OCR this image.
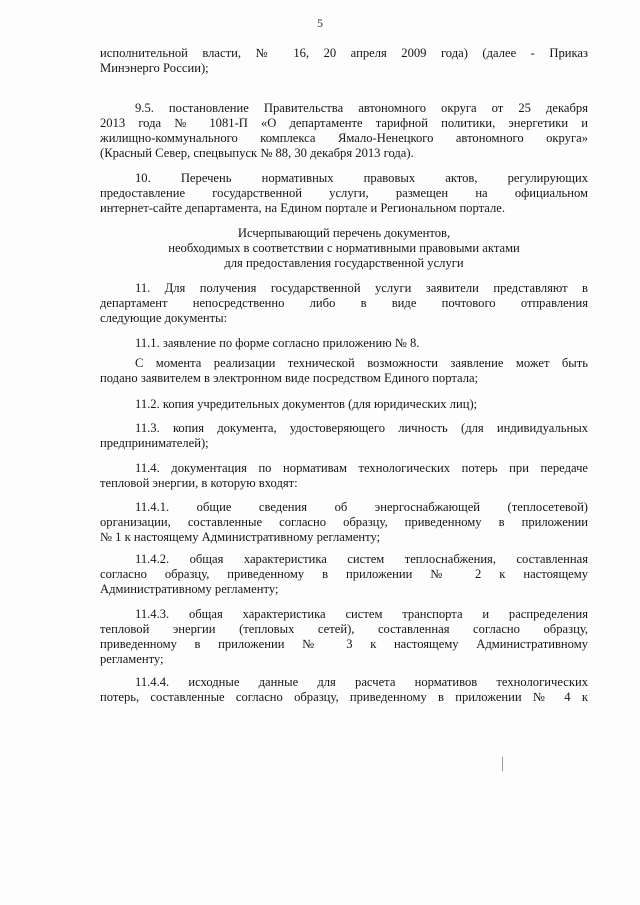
5
исполнительной власти, № 16, 20 апреля 2009 года) (далее - Приказ
Минэнерго России);
9.5. постановление Правительства автономного округа от 25 декабря
2013 года № 1081-П «О департаменте тарифной политики, энергетики и
жилищно-коммунального комплекса Ямало-Ненецкого автономного округа»
(Красный Север, спецвыпуск № 88, 30 декабря 2013 года).
10. Перечень нормативных правовых актов, регулирующих
предоставление государственной услуги, размещен на официальном
интернет-сайте департамента, на Едином портале и Региональном портале.
Исчерпывающий перечень документов,
необходимых в соответствии с нормативными правовыми актами
для предоставления государственной услуги
11. Для получения государственной услуги заявители представляют в
департамент непосредственно либо в виде почтового отправления
следующие документы:
11.1. заявление по форме согласно приложению № 8.
С момента реализации технической возможности заявление может быть
подано заявителем в электронном виде посредством Единого портала;
11.2. копия учредительных документов (для юридических лиц);
11.3. копия документа, удостоверяющего личность (для индивидуальных
предпринимателей);
11.4. документация по нормативам технологических потерь при передаче
тепловой энергии, в которую входят:
11.4.1. общие сведения об энергоснабжающей (теплосетевой)
организации, составленные согласно образцу, приведенному в приложении
№ 1 к настоящему Административному регламенту;
11.4.2. общая характеристика систем теплоснабжения, составленная
согласно образцу, приведенному в приложении № 2 к настоящему
Административному регламенту;
11.4.3. общая характеристика систем транспорта и распределения
тепловой энергии (тепловых сетей), составленная согласно образцу,
приведенному в приложении № 3 к настоящему Административному
регламенту;
11.4.4. исходные данные для расчета нормативов технологических
потерь, составленные согласно образцу, приведенному в приложении № 4 к
